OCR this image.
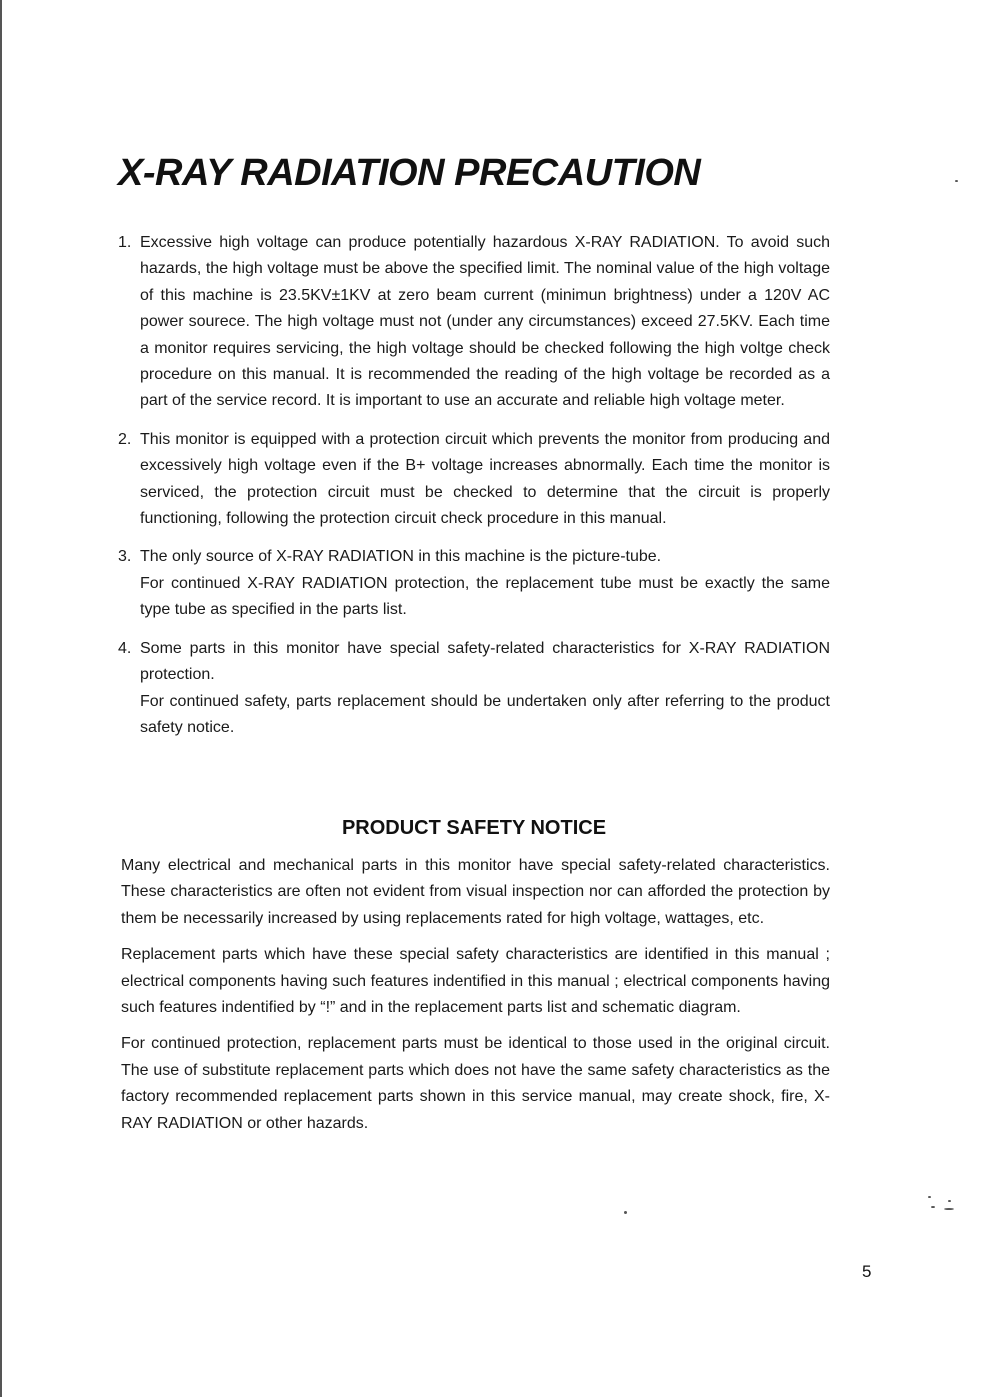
X-RAY RADIATION PRECAUTION
1. Excessive high voltage can produce potentially hazardous X-RAY RADIATION. To avoid such hazards, the high voltage must be above the specified limit. The nominal value of the high voltage of this machine is 23.5KV±1KV at zero beam current (minimun brightness) under a 120V AC power sourece. The high voltage must not (under any circumstances) exceed 27.5KV. Each time a monitor requires servicing, the high voltage should be checked following the high voltge check procedure on this manual. It is recommended the reading of the high voltage be recorded as a part of the service record. It is important to use an accurate and reliable high voltage meter.

2. This monitor is equipped with a protection circuit which prevents the monitor from producing and excessively high voltage even if the B+ voltage increases abnormally. Each time the monitor is serviced, the protection circuit must be checked to determine that the circuit is properly functioning, following the protection circuit check procedure in this manual.

3. The only source of X-RAY RADIATION in this machine is the picture-tube.

For continued X-RAY RADIATION protection, the replacement tube must be exactly the same type tube as specified in the parts list.

4. Some parts in this monitor have special safety-related characteristics for X-RAY RADIATION protection.

For continued safety, parts replacement should be undertaken only after referring to the product safety notice.

PRODUCT SAFETY NOTICE

Many electrical and mechanical parts in this monitor have special safety-related characteristics. These characteristics are often not evident from visual inspection nor can afforded the protection by them be necessarily increased by using replacements rated for high voltage, wattages, etc.

Replacement parts which have these special safety characteristics are identified in this manual ; electrical components having such features indentified in this manual ; electrical components having such features indentified by “!” and in the replacement parts list and schematic diagram.

For continued protection, replacement parts must be identical to those used in the original circuit. The use of substitute replacement parts which does not have the same safety characteristics as the factory recommended replacement parts shown in this service manual, may create shock, fire, X-RAY RADIATION or other hazards.

5
